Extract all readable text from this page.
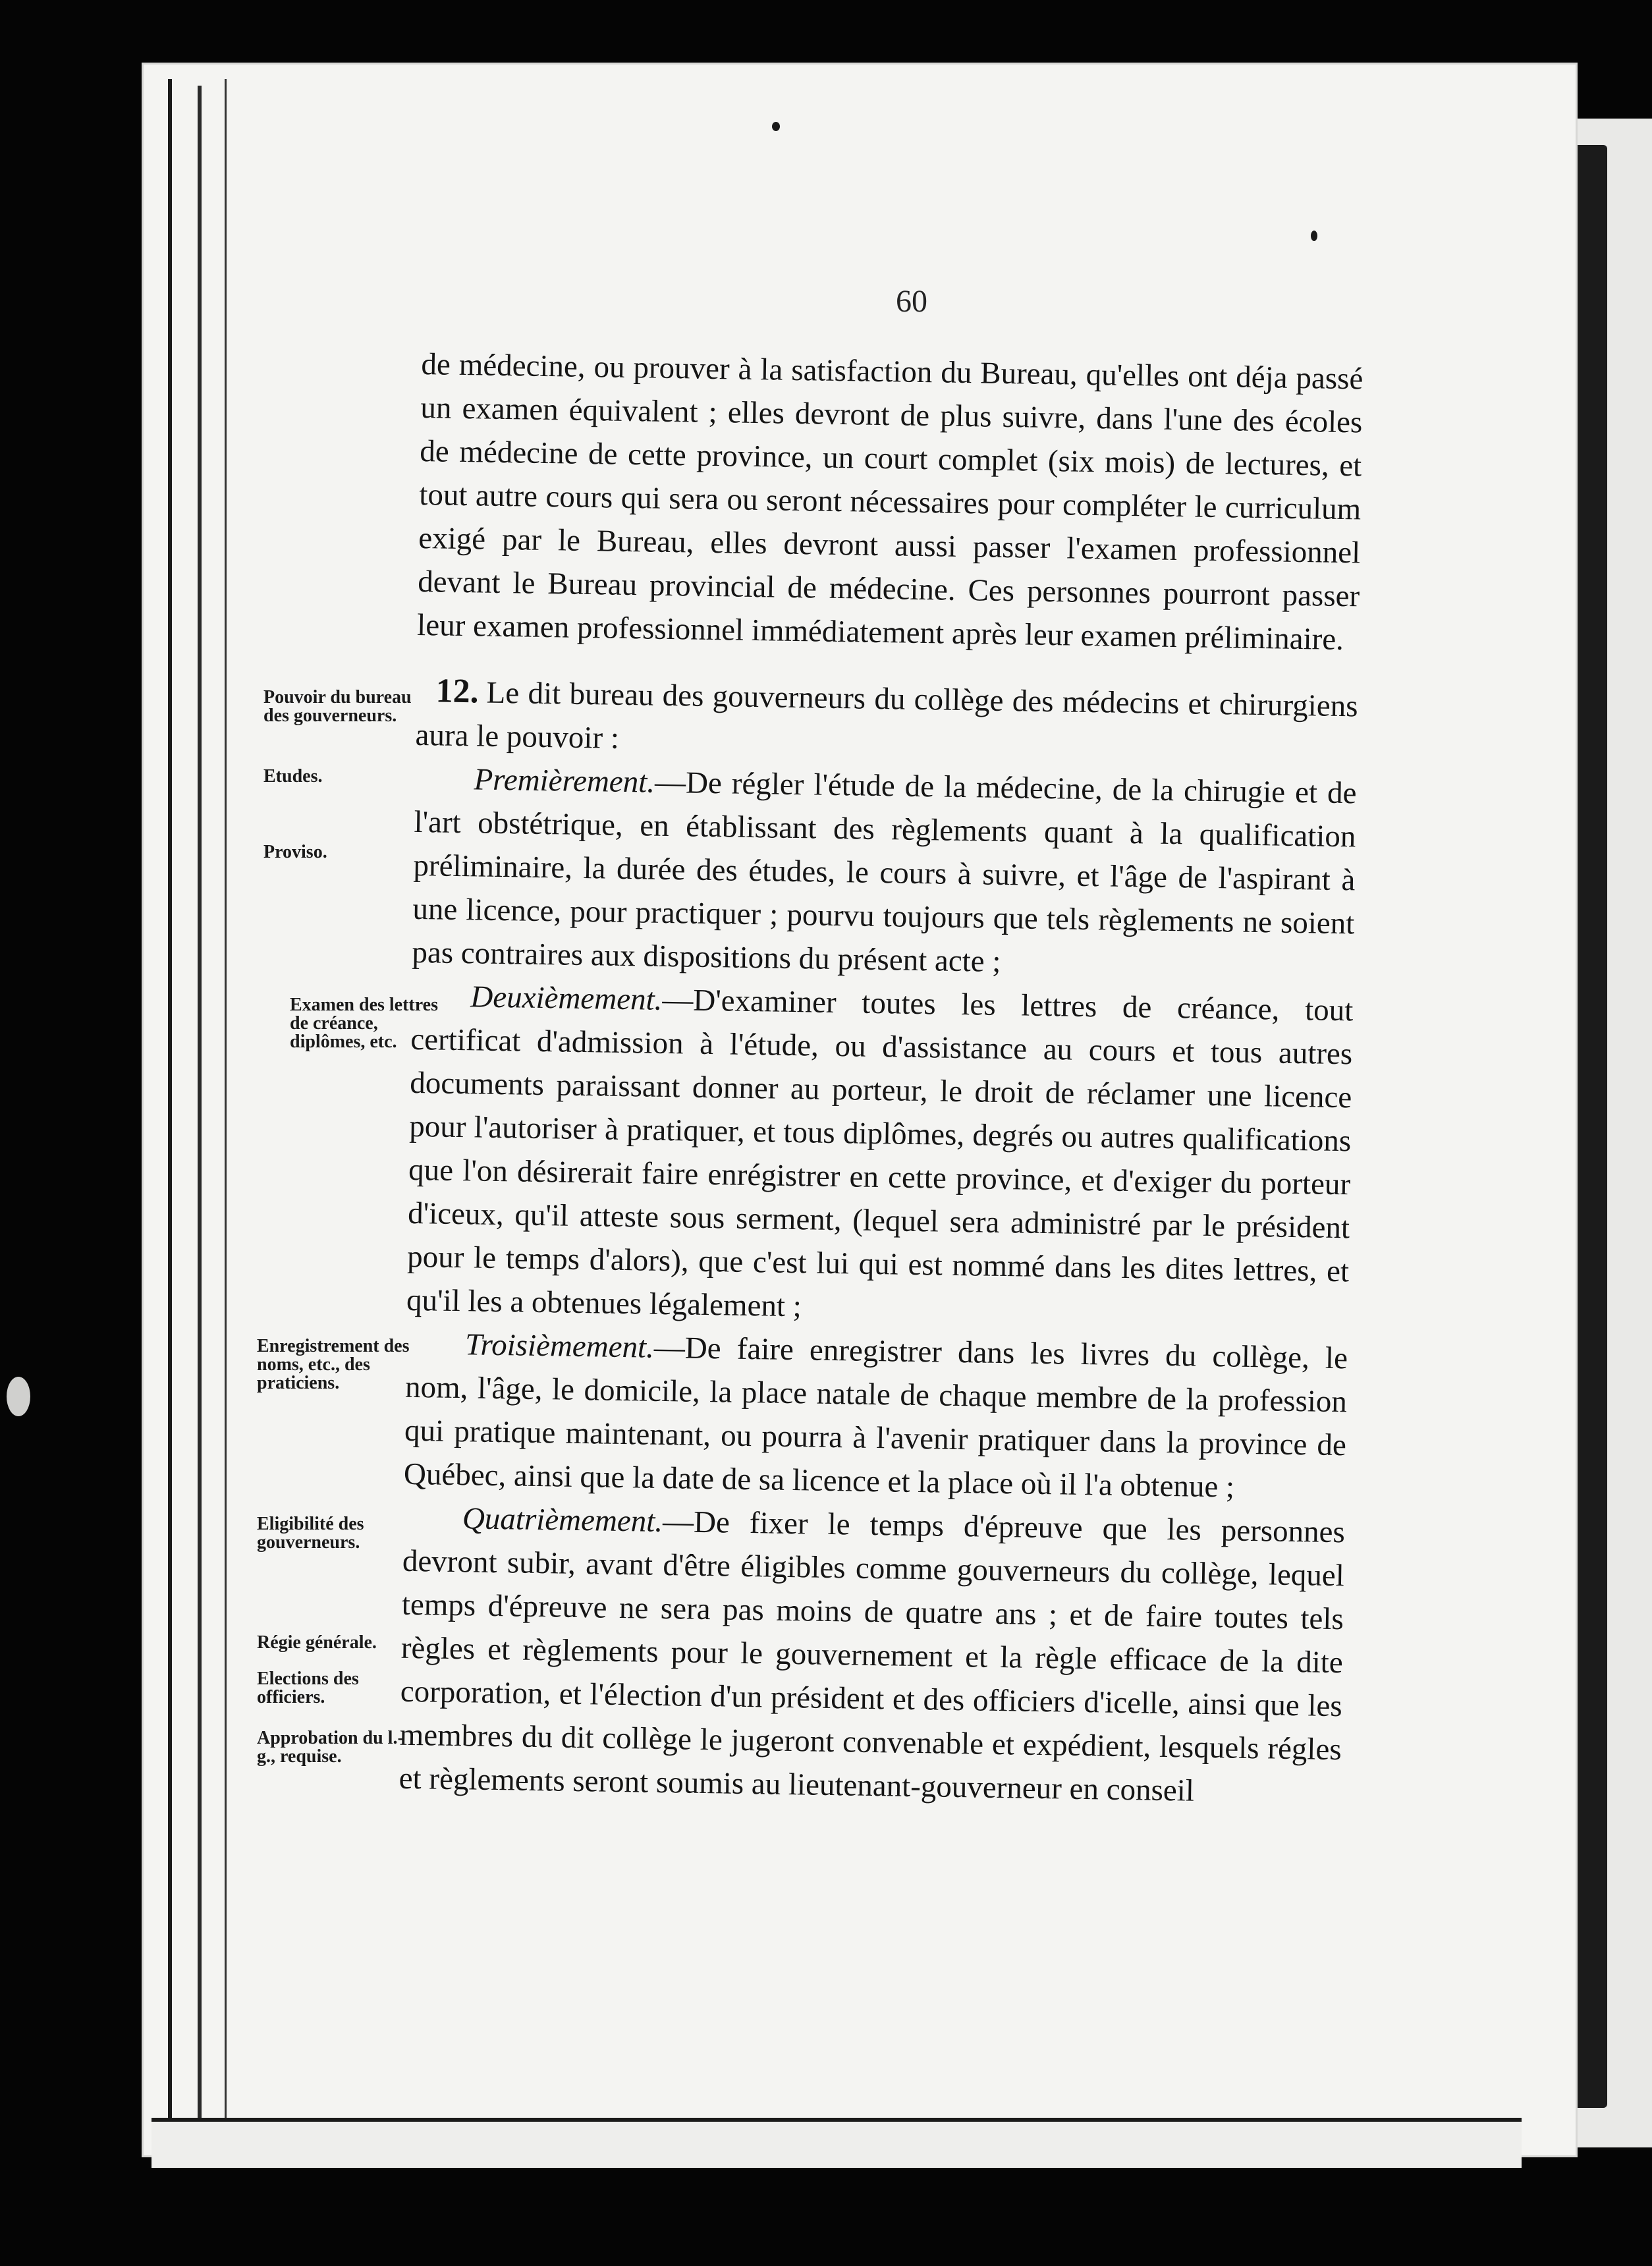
60

de médecine, ou prouver à la satisfaction du Bureau, qu'elles ont déja passé un examen équivalent ; elles devront de plus suivre, dans l'une des écoles de médecine de cette province, un court complet (six mois) de lectures, et tout autre cours qui sera ou seront nécessaires pour compléter le curriculum exigé par le Bureau, elles devront aussi passer l'examen professionnel devant le Bureau provincial de médecine. Ces personnes pourront passer leur examen professionnel immédiatement après leur examen préliminaire.

12. Le dit bureau des gouverneurs du collège des médecins et chirurgiens aura le pouvoir :

Premièrement.—De régler l'étude de la médecine, de la chirugie et de l'art obstétrique, en établissant des règlements quant à la qualification préliminaire, la durée des études, le cours à suivre, et l'âge de l'aspirant à une licence, pour practiquer ; pourvu toujours que tels règlements ne soient pas contraires aux dispositions du présent acte ;

Deuxièmement.—D'examiner toutes les lettres de créance, tout certificat d'admission à l'étude, ou d'assistance au cours et tous autres documents paraissant donner au porteur, le droit de réclamer une licence pour l'autoriser à pratiquer, et tous diplômes, degrés ou autres qualifications que l'on désirerait faire enrégistrer en cette province, et d'exiger du porteur d'iceux, qu'il atteste sous serment, (lequel sera administré par le président pour le temps d'alors), que c'est lui qui est nommé dans les dites lettres, et qu'il les a obtenues légalement ;

Troisièmement.—De faire enregistrer dans les livres du collège, le nom, l'âge, le domicile, la place natale de chaque membre de la profession qui pratique maintenant, ou pourra à l'avenir pratiquer dans la province de Québec, ainsi que la date de sa licence et la place où il l'a obtenue ;

Quatrièmement.—De fixer le temps d'épreuve que les personnes devront subir, avant d'être éligibles comme gouverneurs du collège, lequel temps d'épreuve ne sera pas moins de quatre ans ; et de faire toutes tels règles et règlements pour le gouvernement et la règle efficace de la dite corporation, et l'élection d'un président et des officiers d'icelle, ainsi que les membres du dit collège le jugeront convenable et expédient, lesquels régles et règlements seront soumis au lieutenant-gouverneur en conseil

Pouvoir du bureau des gouverneurs.
Etudes.
Proviso.
Examen des lettres de créance, diplômes, etc.
Enregistrement des noms, etc., des praticiens.
Eligibilité des gouverneurs.
Régie générale.
Elections des officiers.
Approbation du l.-g., requise.
